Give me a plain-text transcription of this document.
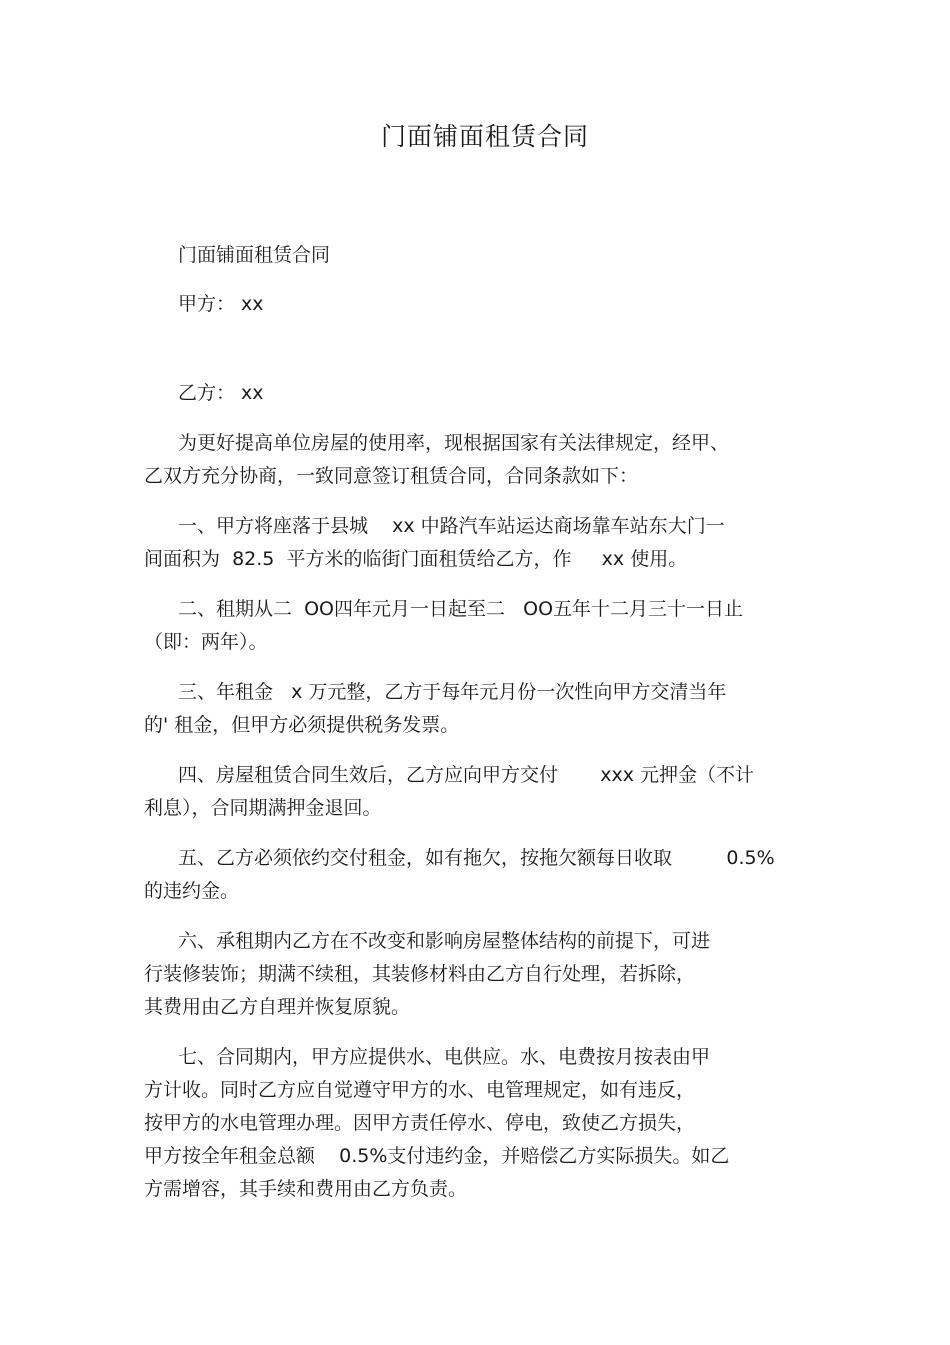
门面铺面租赁合同
门面铺面租赁合同
甲方： xx
乙方： xx
为更好提高单位房屋的使用率，现根据国家有关法律规定，经甲、
乙双方充分协商，一致同意签订租赁合同，合同条款如下：
一、甲方将座落于县城    xx 中路汽车站运达商场靠车站东大门一
间面积为  82.5  平方米的临街门面租赁给乙方，作     xx 使用。
二、租期从二  OO四年元月一日起至二   OO五年十二月三十一日止
（即：两年）。
三、年租金   x 万元整，乙方于每年元月份一次性向甲方交清当年
的' 租金，但甲方必须提供税务发票。
四、房屋租赁合同生效后，乙方应向甲方交付       xxx 元押金（不计
利息），合同期满押金退回。
五、乙方必须依约交付租金，如有拖欠，按拖欠额每日收取         0.5%
的违约金。
六、承租期内乙方在不改变和影响房屋整体结构的前提下，可进
行装修装饰；期满不续租，其装修材料由乙方自行处理，若拆除，
其费用由乙方自理并恢复原貌。
七、合同期内，甲方应提供水、电供应。水、电费按月按表由甲
方计收。同时乙方应自觉遵守甲方的水、电管理规定，如有违反，
按甲方的水电管理办理。因甲方责任停水、停电，致使乙方损失，
甲方按全年租金总额    0.5%支付违约金，并赔偿乙方实际损失。如乙
方需增容，其手续和费用由乙方负责。
